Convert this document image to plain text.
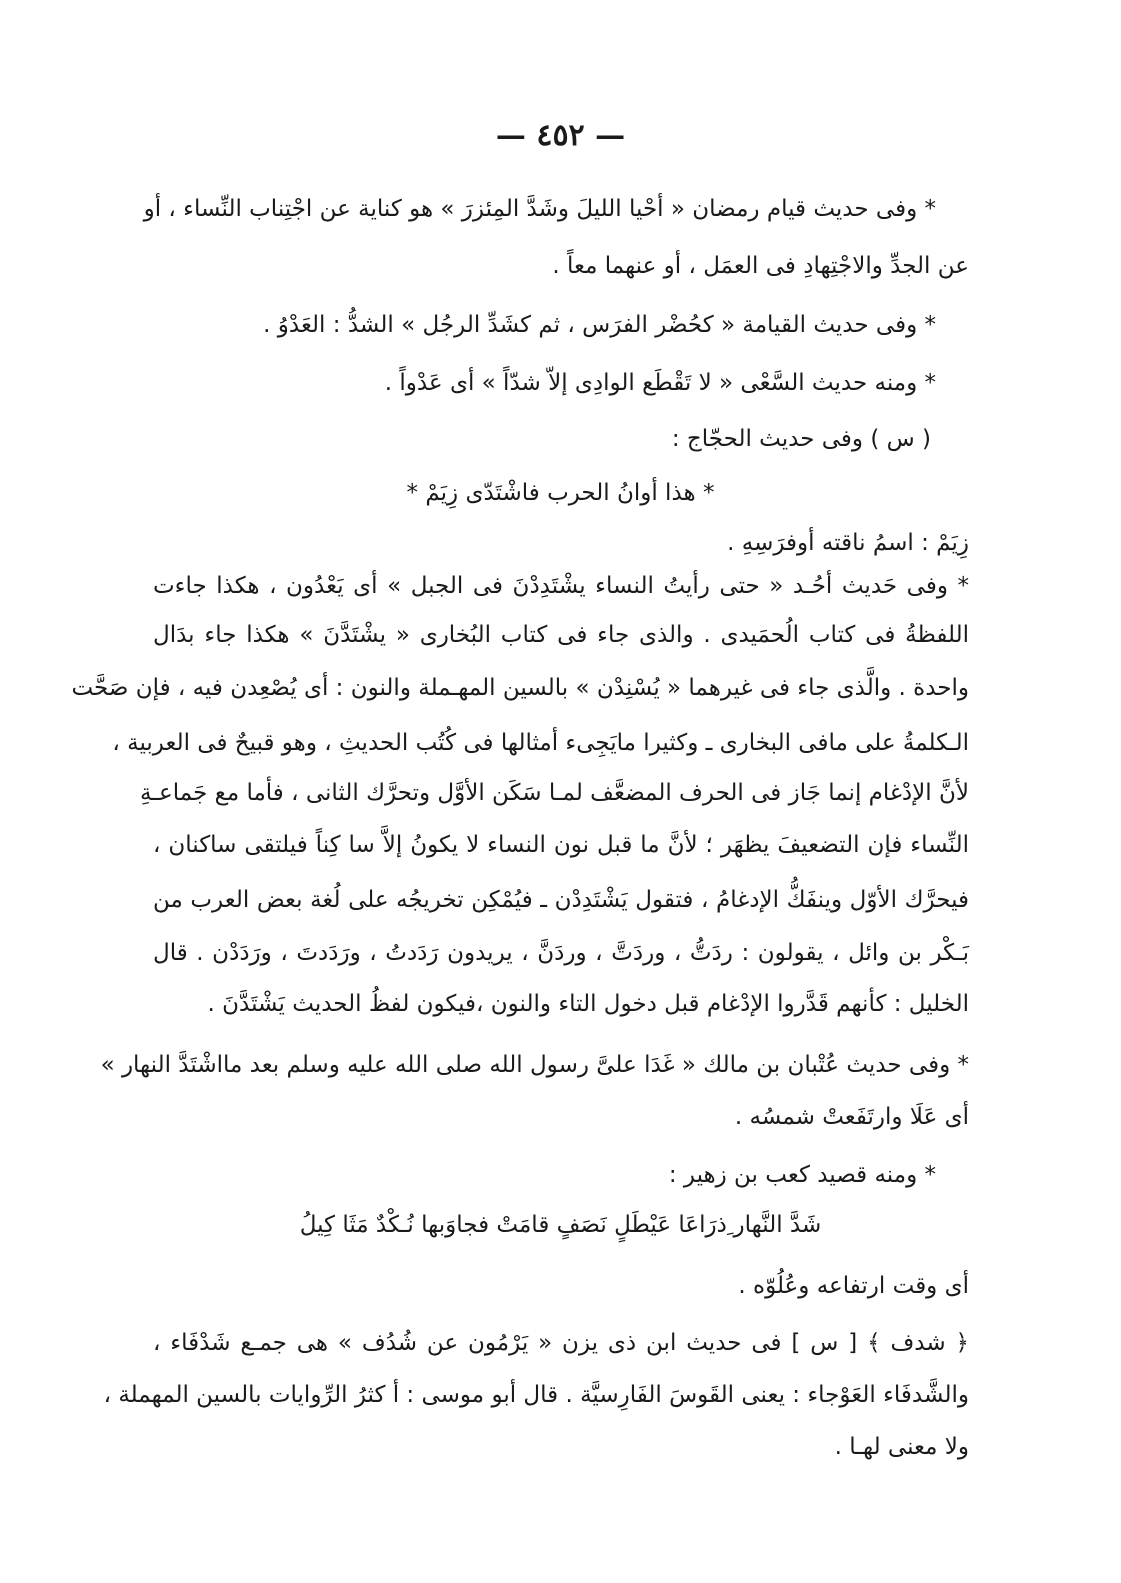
— ٤٥٢ —
* وفى حديث قيام رمضان « أحْيا الليلَ وشَدَّ المِئزرَ » هو كناية عن اجْتِناب النِّساء ، أو
عن الجدِّ والاجْتِهادِ فى العمَل ، أو عنهما معاً .
* وفى حديث القيامة « كحُضْر الفرَس ، ثم كشَدِّ الرجُل » الشدُّ : العَدْوُ .
* ومنه حديث السَّعْى « لا تَقْطَع الوادِى إلاّ شدّاً » أى عَدْواً .
( س ) وفى حديث الحجّاج :
* هذا أوانُ الحرب فاشْتَدّى زِيَمْ *
زِيَمْ : اسمُ ناقته أوفرَسِهِ .
* وفى حَديث أحُـد « حتى رأيتُ النساء يشْتَدِدْنَ فى الجبل » أى يَعْدُون ، هكذا جاءت
اللفظةُ فى كتاب الُحمَيدى . والذى جاء فى كتاب البُخارى « يشْتَدَّنَ » هكذا جاء بدَال
واحدة . والَّذى جاء فى غيرهما « يُسْنِدْن » بالسين المهـملة والنون : أى يُصْعِدن فيه ، فإن صَحَّت
الـكلمةُ على مافى البخارى ـ وكثيرا مايَجِىء أمثالها فى كُتُب الحديثِ ، وهو قبيحٌ فى العربية ،
لأنَّ الإدْغام إنما جَاز فى الحرف المضعَّف لمـا سَكَن الأوَّل وتحرَّك الثانى ، فأما مع جَماعـةِ
النِّساء فإن التضعيفَ يظهَر ؛ لأنَّ ما قبل نون النساء لا يكونُ إلاَّ سا كِناً فيلتقى ساكنان ،
فيحرَّك الأوّل وينفَكُّ الإدغامُ ، فتقول يَشْتَدِدْن ـ فيُمْكِن تخريجُه على لُغة بعض العرب من
بَـكْر بن وائل ، يقولون : ردَتُّ ، وردَتَّ ، وردَنَّ ، يريدون رَدَدتُ ، ورَدَدتَ ، ورَدَدْن . قال
الخليل : كأنهم قَدَّروا الإدْغام قبل دخول التاء والنون ،فيكون لفظُ الحديث يَشْتَدَّنَ .
* وفى حديث عُتْبان بن مالك « غَدَا علىَّ رسول الله صلى الله عليه وسلم بعد مااشْتَدَّ النهار »
أى عَلَا وارتَفَعتْ شمسُه .
* ومنه قصيد كعب بن زهير :
شَدَّ النَّهار ِذرَاعَا عَيْطَلٍ نَصَفٍ قامَتْ فجاوَبها نُـكْدٌ مَثَا كِيلُ
أى وقت ارتفاعه وعُلُوّه .
﴿ شدف ﴾ [ س ] فى حديث ابن ذى يزن « يَرْمُون عن شُدُف » هى جمـع شَدْفَاء ،
والشَّدفَاء العَوْجاء : يعنى القَوسَ الفَارِسيَّة . قال أبو موسى : أ كثرُ الرِّوايات بالسين المهملة ،
ولا معنى لهـا .
